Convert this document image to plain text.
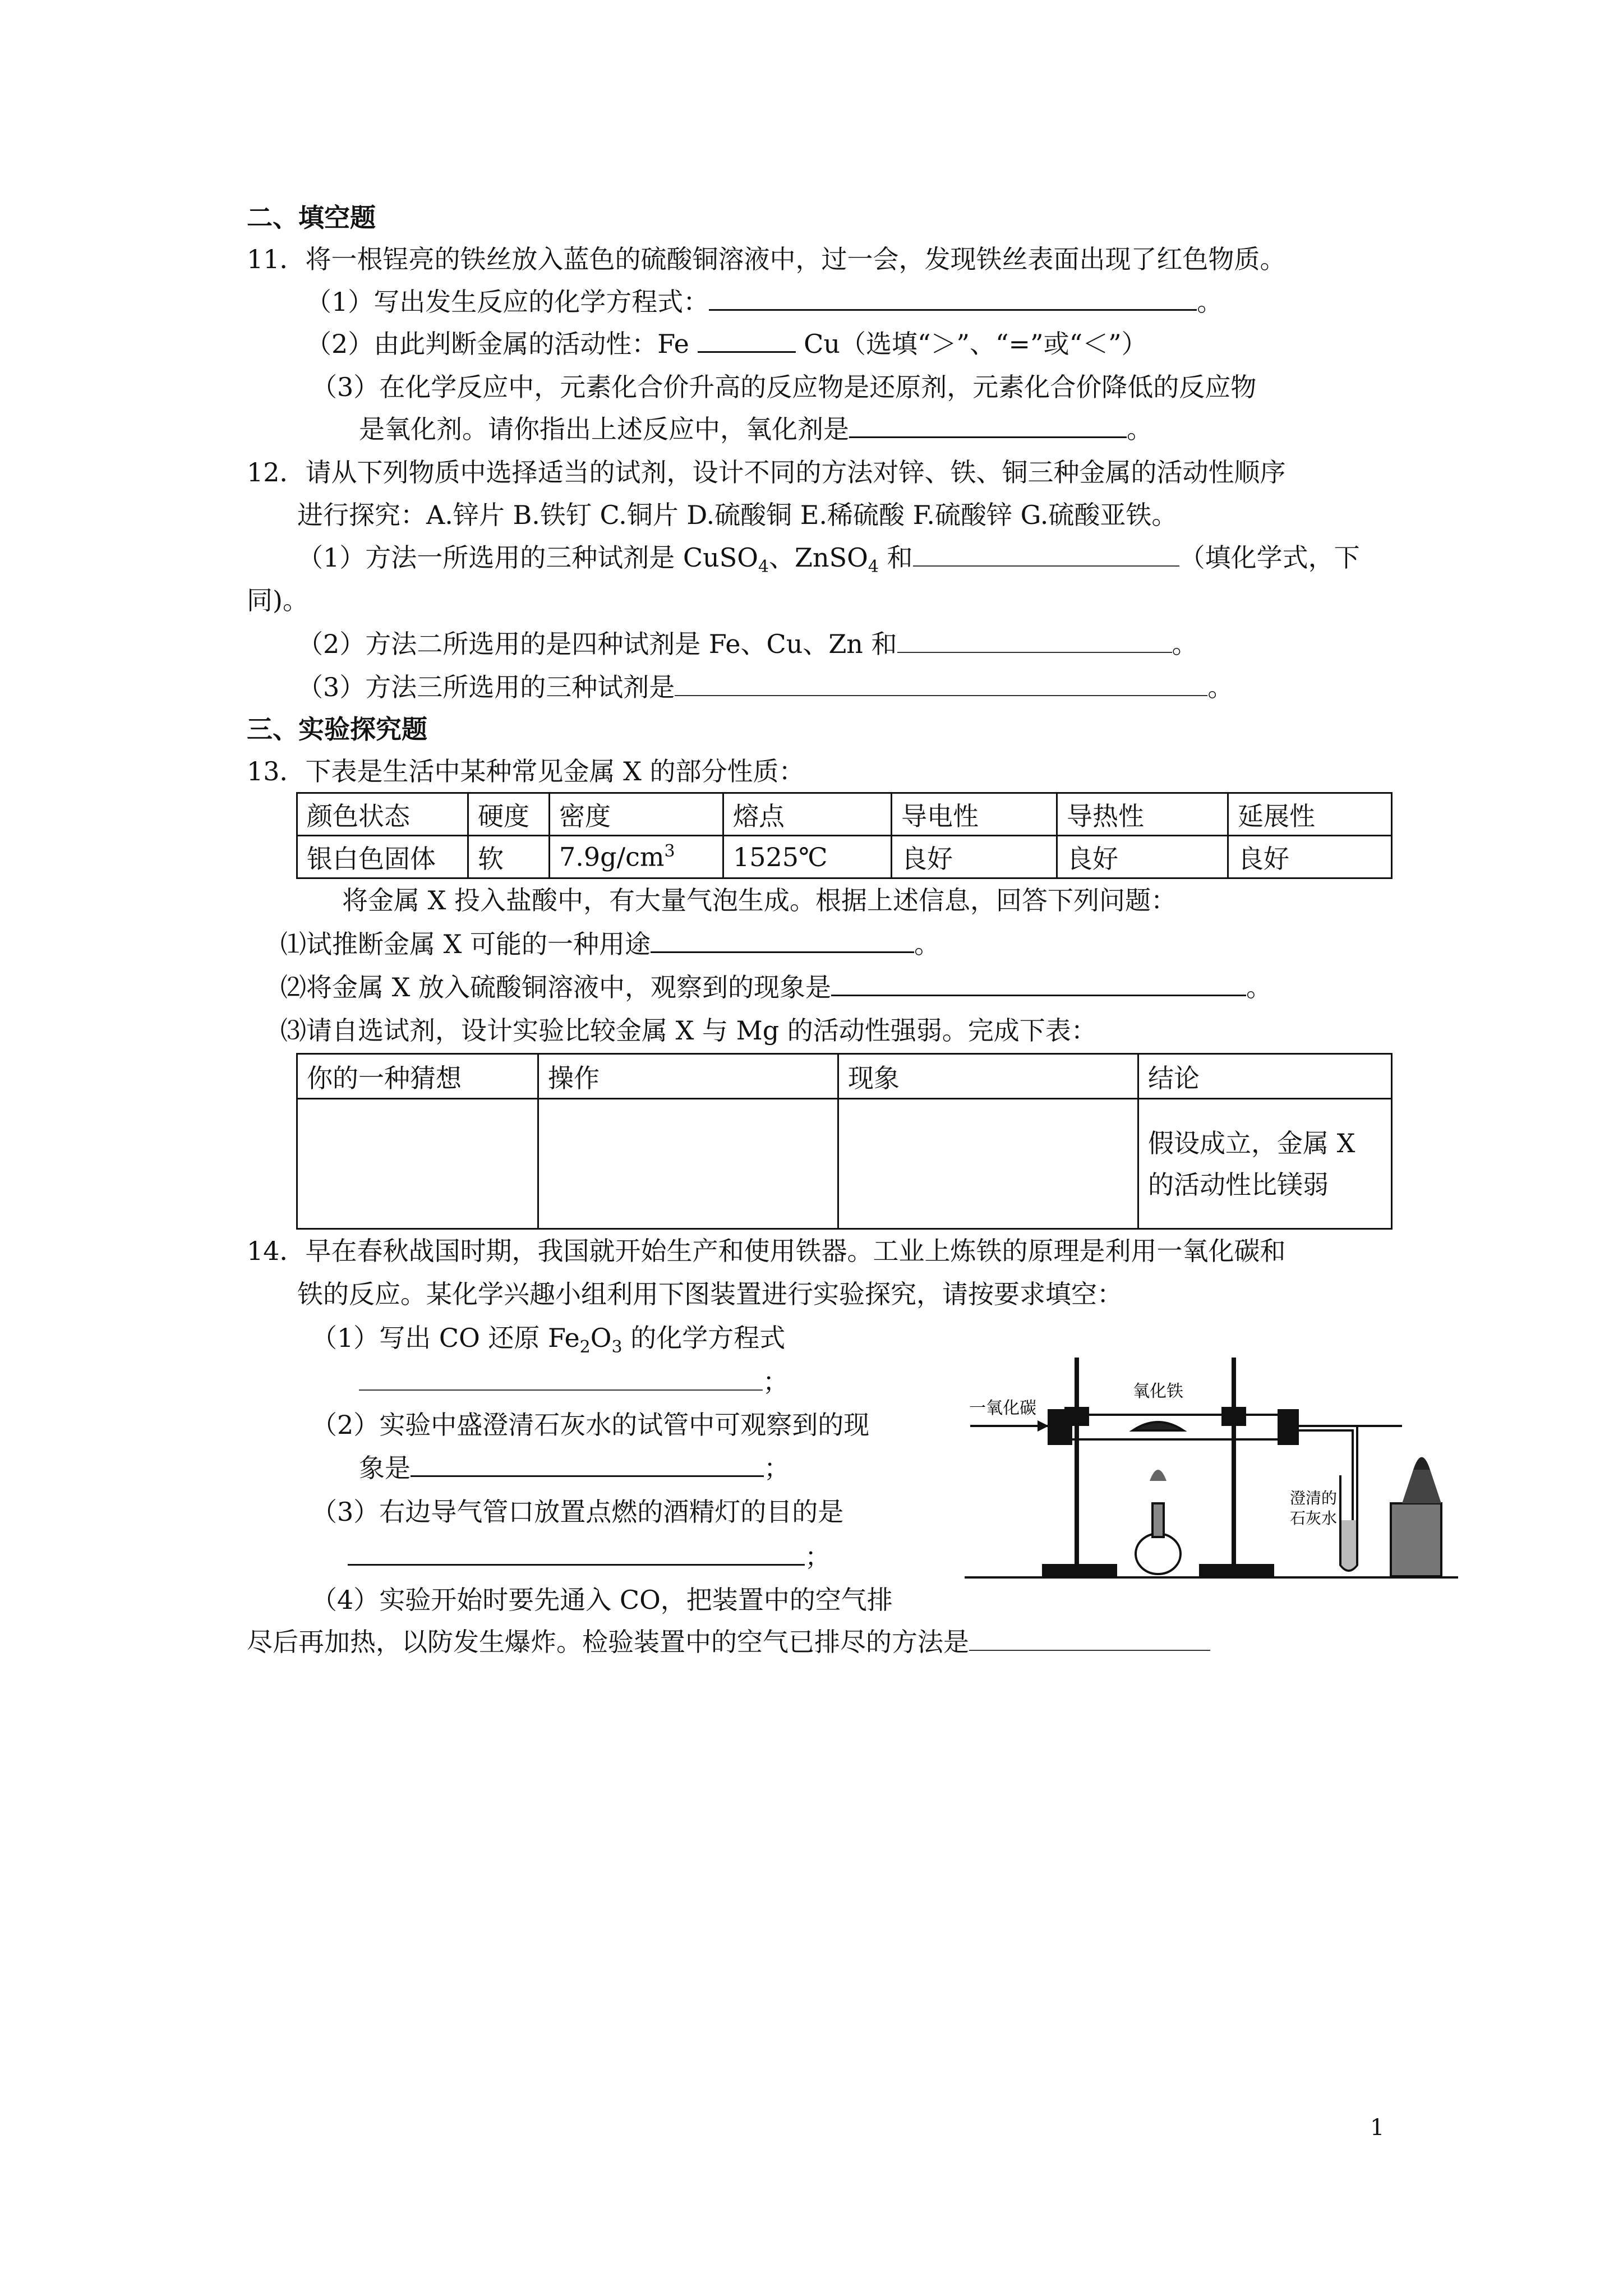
二、填空题
11．将一根锃亮的铁丝放入蓝色的硫酸铜溶液中，过一会，发现铁丝表面出现了红色物质。
（1）写出发生反应的化学方程式：	。
（2）由此判断金属的活动性：Fe	Cu（选填“＞”、“=”或“＜”）
（3）在化学反应中，元素化合价升高的反应物是还原剂，元素化合价降低的反应物
是氧化剂。请你指出上述反应中，氧化剂是	。
12．请从下列物质中选择适当的试剂，设计不同的方法对锌、铁、铜三种金属的活动性顺序
进行探究：A.锌片 B.铁钉 C.铜片 D.硫酸铜 E.稀硫酸 F.硫酸锌 G.硫酸亚铁。
（1）方法一所选用的三种试剂是 CuSO$_4$、ZnSO$_4$ 和	（填化学式，下
同)。
（2）方法二所选用的是四种试剂是 Fe、Cu、Zn 和	。
（3）方法三所选用的三种试剂是	。
三、实验探究题
13．下表是生活中某种常见金属 X 的部分性质：
颜色状态	硬度	密度	熔点	导电性	导热性	延展性
银白色固体	软	$7.9g/cm^3$	1525℃	良好	良好	良好
将金属 X 投入盐酸中，有大量气泡生成。根据上述信息，回答下列问题：
⑴试推断金属 X 可能的一种用途	。
⑵将金属 X 放入硫酸铜溶液中，观察到的现象是	。
⑶请自选试剂，设计实验比较金属 X 与 Mg 的活动性强弱。完成下表：
你的一种猜想	操作	现象	结论

			假设成立，金属 X
的活动性比镁弱
14．早在春秋战国时期，我国就开始生产和使用铁器。工业上炼铁的原理是利用一氧化碳和
铁的反应。某化学兴趣小组利用下图装置进行实验探究，请按要求填空：
（1）写出 CO 还原 $Fe_2O_3$ 的化学方程式
；
（2）实验中盛澄清石灰水的试管中可观察到的现
象是	；
（3）右边导气管口放置点燃的酒精灯的目的是
；
（4）实验开始时要先通入 CO，把装置中的空气排
尽后再加热，以防发生爆炸。检验装置中的空气已排尽的方法是
一氧化碳
氧化铁
澄清的
石灰水
1
